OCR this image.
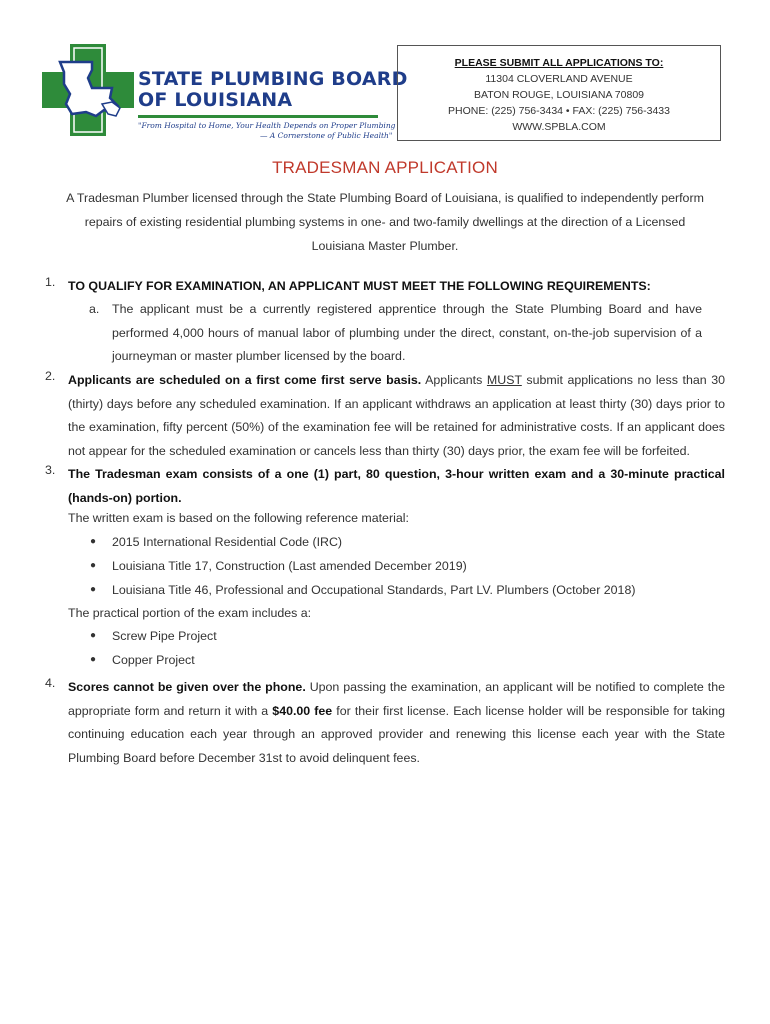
STATE PLUMBING BOARD
OF LOUISIANA
"From Hospital to Home, Your Health Depends on Proper Plumbing
— A Cornerstone of Public Health"
PLEASE SUBMIT ALL APPLICATIONS TO:
11304 CLOVERLAND AVENUE
BATON ROUGE, LOUISIANA 70809
PHONE: (225) 756-3434 • FAX: (225) 756-3433
WWW.SPBLA.COM
TRADESMAN APPLICATION
A Tradesman Plumber licensed through the State Plumbing Board of Louisiana, is qualified to independently perform
repairs of existing residential plumbing systems in one- and two-family dwellings at the direction of a Licensed
Louisiana Master Plumber.
1. TO QUALIFY FOR EXAMINATION, AN APPLICANT MUST MEET THE FOLLOWING REQUIREMENTS:
a. The applicant must be a currently registered apprentice through the State Plumbing Board and have performed 4,000 hours of manual labor of plumbing under the direct, constant, on-the-job supervision of a journeyman or master plumber licensed by the board.
2. Applicants are scheduled on a first come first serve basis. Applicants MUST submit applications no less than 30 (thirty) days before any scheduled examination. If an applicant withdraws an application at least thirty (30) days prior to the examination, fifty percent (50%) of the examination fee will be retained for administrative costs. If an applicant does not appear for the scheduled examination or cancels less than thirty (30) days prior, the exam fee will be forfeited.
3. The Tradesman exam consists of a one (1) part, 80 question, 3-hour written exam and a 30-minute practical (hands-on) portion.
The written exam is based on the following reference material:
● 2015 International Residential Code (IRC)
● Louisiana Title 17, Construction (Last amended December 2019)
● Louisiana Title 46, Professional and Occupational Standards, Part LV. Plumbers (October 2018)
The practical portion of the exam includes a:
● Screw Pipe Project
● Copper Project
4. Scores cannot be given over the phone. Upon passing the examination, an applicant will be notified to complete the appropriate form and return it with a $40.00 fee for their first license. Each license holder will be responsible for taking continuing education each year through an approved provider and renewing this license each year with the State Plumbing Board before December 31st to avoid delinquent fees.
